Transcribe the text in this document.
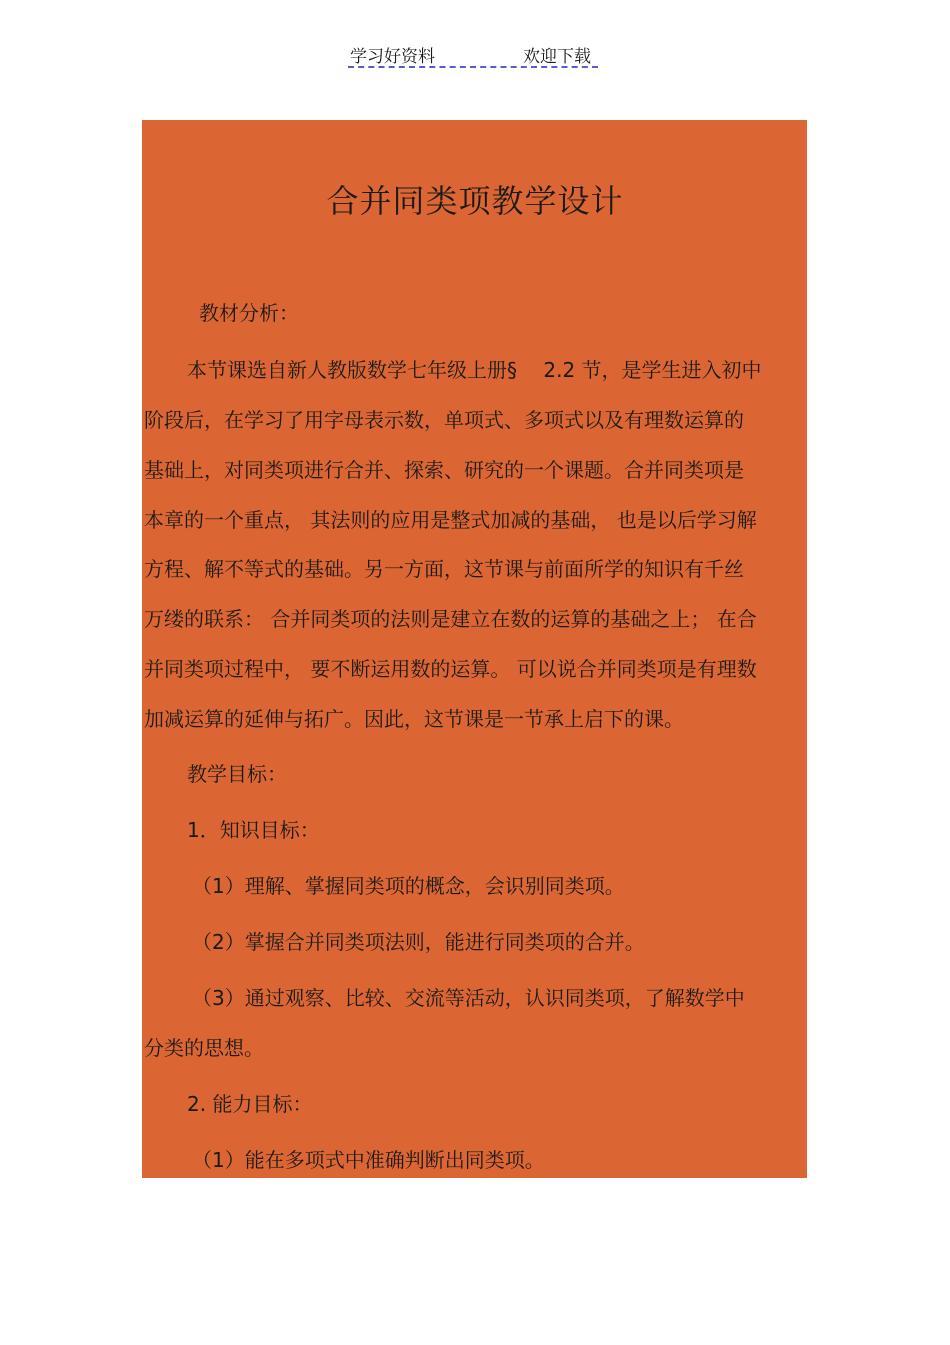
学习好资料	欢迎下载
合并同类项教学设计
教材分析：
本节课选自新人教版数学七年级上册§　 2.2 节，是学生进入初中
阶段后，在学习了用字母表示数，单项式、多项式以及有理数运算的
基础上，对同类项进行合并、探索、研究的一个课题。合并同类项是
本章的一个重点， 其法则的应用是整式加减的基础， 也是以后学习解
方程、解不等式的基础。另一方面，这节课与前面所学的知识有千丝
万缕的联系： 合并同类项的法则是建立在数的运算的基础之上； 在合
并同类项过程中， 要不断运用数的运算。 可以说合并同类项是有理数
加减运算的延伸与拓广。因此，这节课是一节承上启下的课。
教学目标：
1．知识目标：
（1）理解、掌握同类项的概念，会识别同类项。
（2）掌握合并同类项法则，能进行同类项的合并。
（3）通过观察、比较、交流等活动，认识同类项，了解数学中
分类的思想。
2. 能力目标：
（1）能在多项式中准确判断出同类项。
